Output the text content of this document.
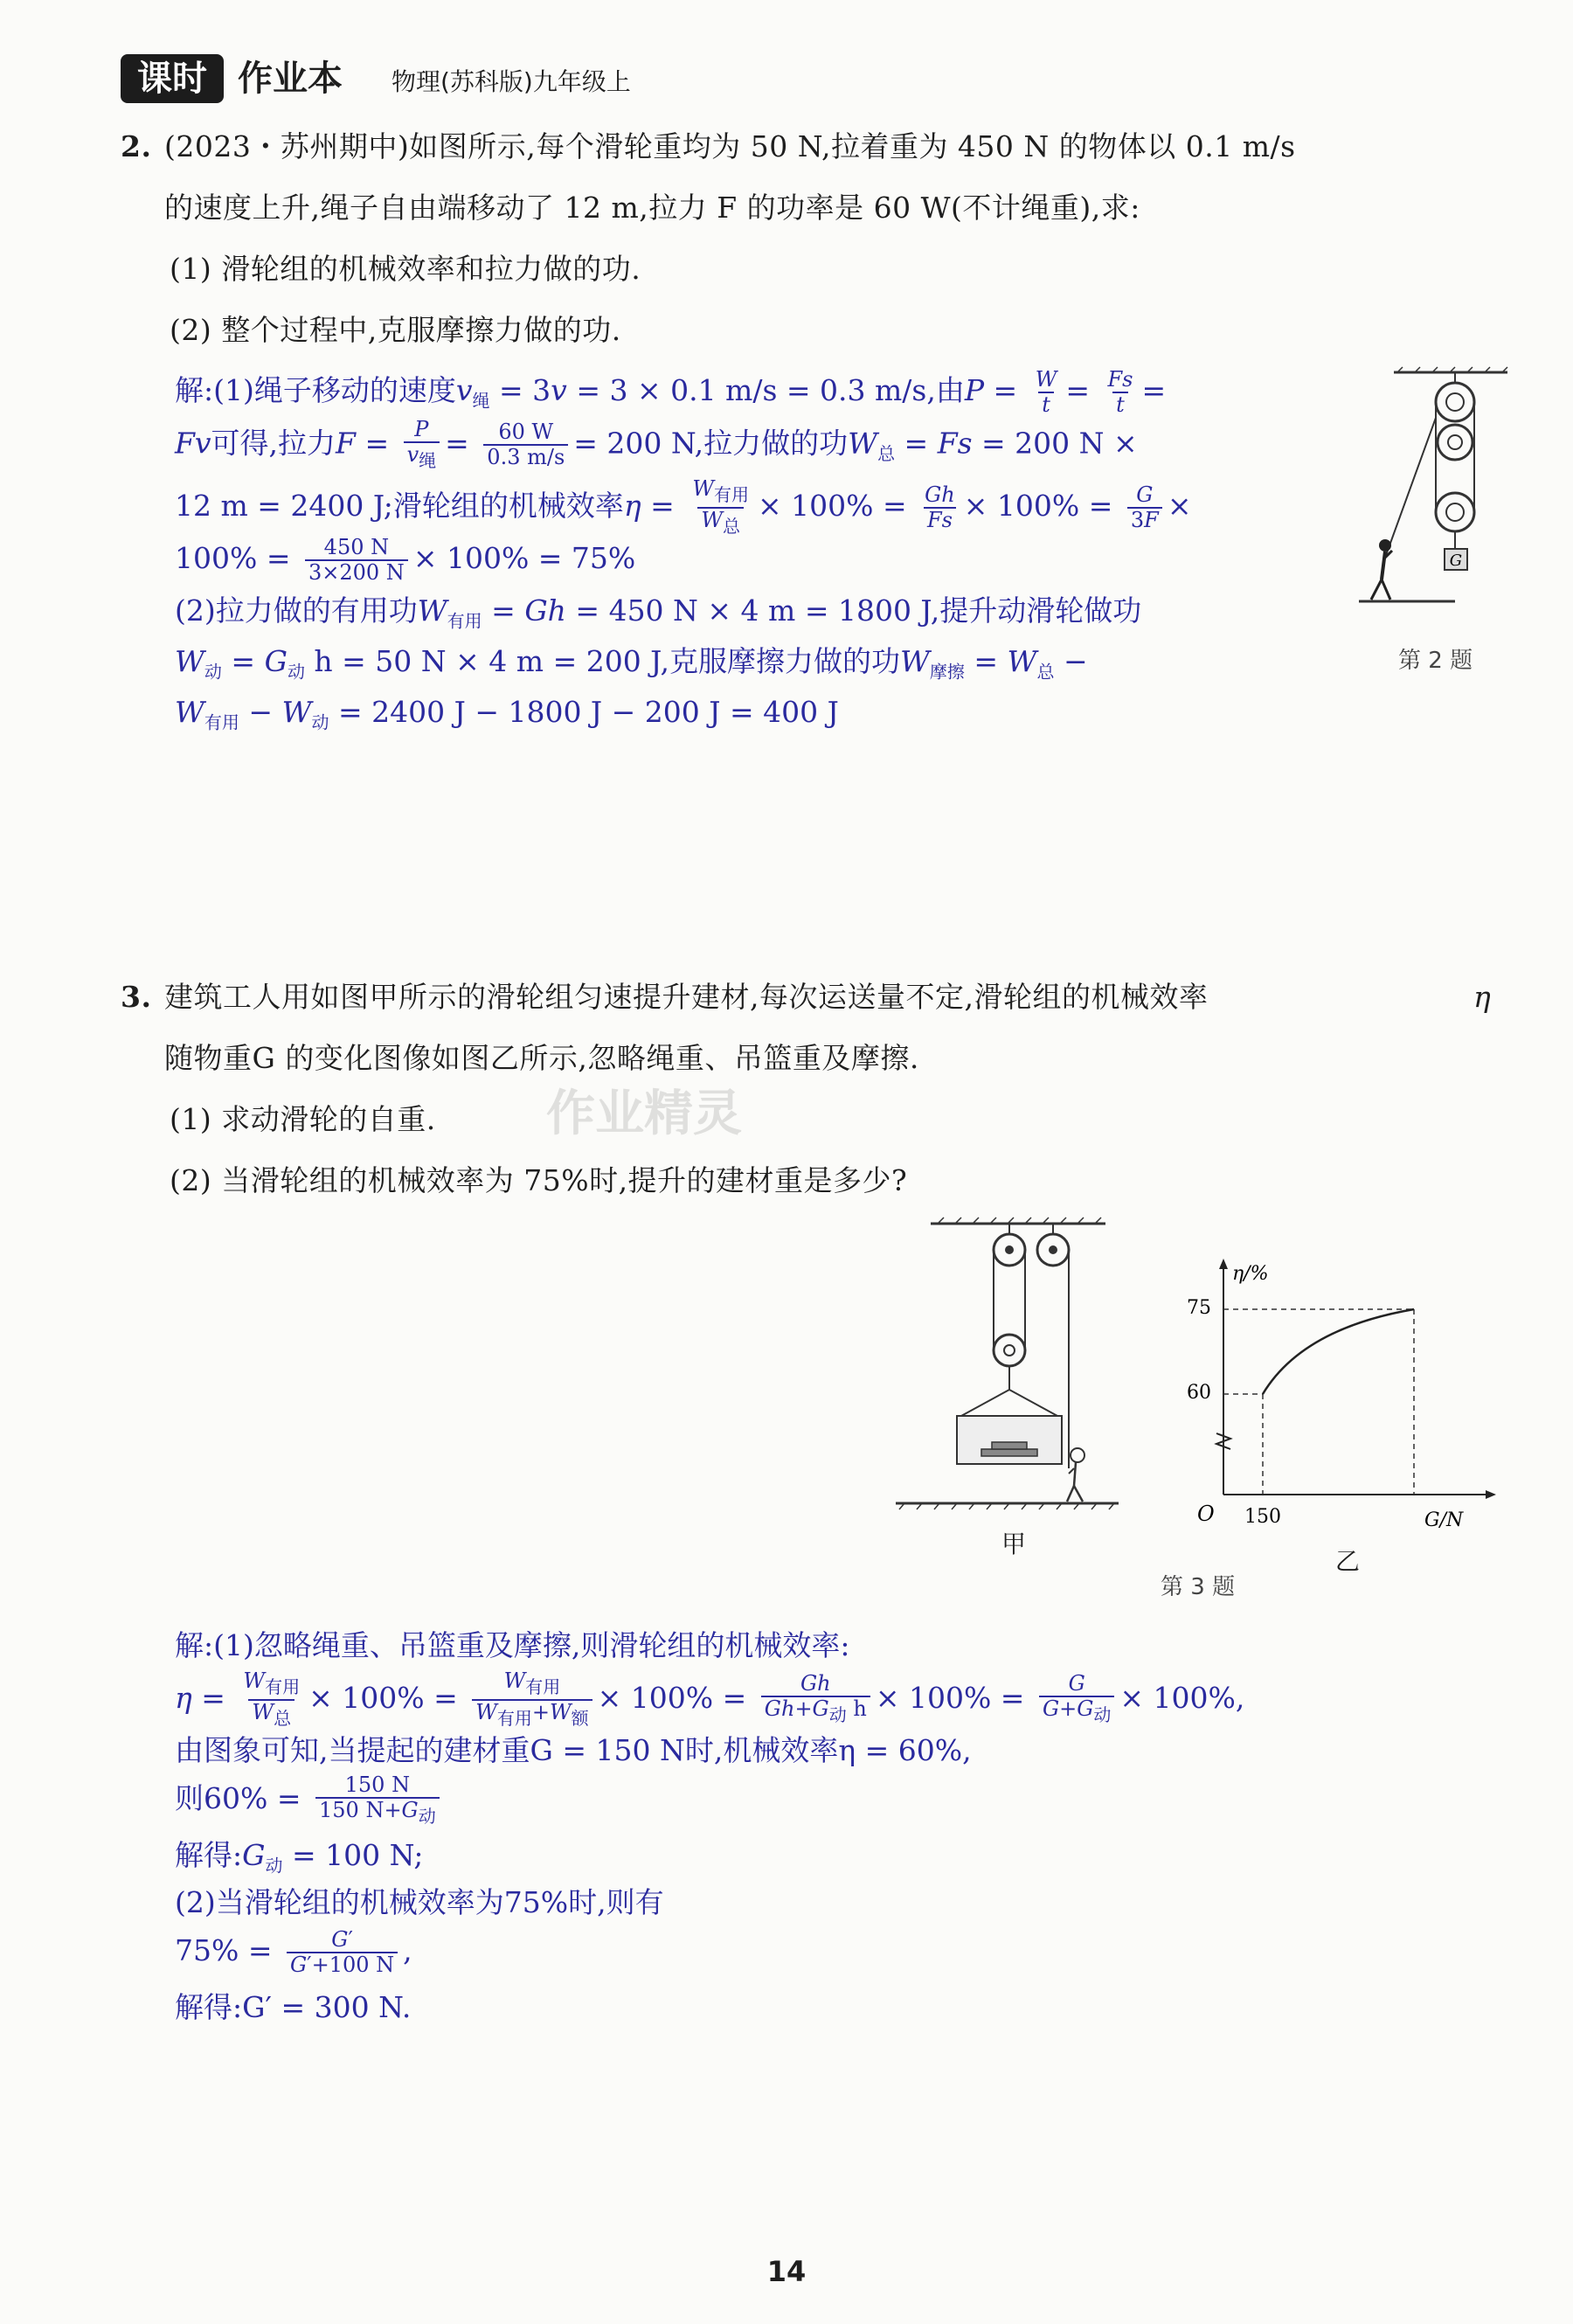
课时 作业本 物理(苏科版)九年级上
2. (2023・苏州期中)如图所示,每个滑轮重均为 50 N,拉着重为 450 N 的物体以 0.1 m/s
的速度上升,绳子自由端移动了 12 m,拉力 F 的功率是 60 W(不计绳重),求:
(1) 滑轮组的机械效率和拉力做的功.
(2) 整个过程中,克服摩擦力做的功.
G
第 2 题
解:(1)绳子移动的速度$v_绳 = 3v = 3 \times 0.1$ m/s = 0.3 m/s,由$P = \frac{W}{t} = \frac{Fs}{t}$ =
Fv可得,拉力$F = \frac{P}{v_绳} = \frac{60 W}{0.3 m/s} = 200$ N,拉力做的功$W_总 = Fs = 200$ N ×
12 m = 2400 J;滑轮组的机械效率$\eta = \frac{W_{有用}}{W_总} \times 100\% = \frac{Gh}{Fs} \times 100\% = \frac{G}{3F}$ ×
$100\% = \frac{450 N}{3\times 200 N} \times 100\% = 75\%$
(2)拉力做的有用功$W_{有用} = Gh = 450$ N × 4 m = 1800 J,提升动滑轮做功
$W_动 = G_动$ h = 50 N × 4 m = 200 J,克服摩擦力做的功$W_{摩擦} = W_总$ −
$W_{有用} - W_动 = 2400$ J − 1800 J − 200 J = 400 J
3. 建筑工人用如图甲所示的滑轮组匀速提升建材,每次运送量不定,滑轮组的机械效率	η
随物重G 的变化图像如图乙所示,忽略绳重、吊篮重及摩擦.
(1) 求动滑轮的自重.
(2) 当滑轮组的机械效率为 75%时,提升的建材重是多少?
作业精灵
甲
η/%
G/N
O
60
75
150
乙
第 3 题
解:(1)忽略绳重、吊篮重及摩擦,则滑轮组的机械效率:
$\eta = \frac{W_{有用}}{W_总} \times 100\% = \frac{W_{有用}}{W_{有用}+W_额} \times 100\% = \frac{Gh}{Gh+G_动 h} \times 100\% = \frac{G}{G+G_动} \times 100\%$,
由图象可知,当提起的建材重G = 150 N时,机械效率η = 60%,
则$60\% = \frac{150 N}{150 N+G_动}$
解得$:G_动 = 100$ N;
(2)当滑轮组的机械效率为75%时,则有
$75\% = \frac{G'}{G'+100 N}$ ,
解得:G′ = 300 N.
14
